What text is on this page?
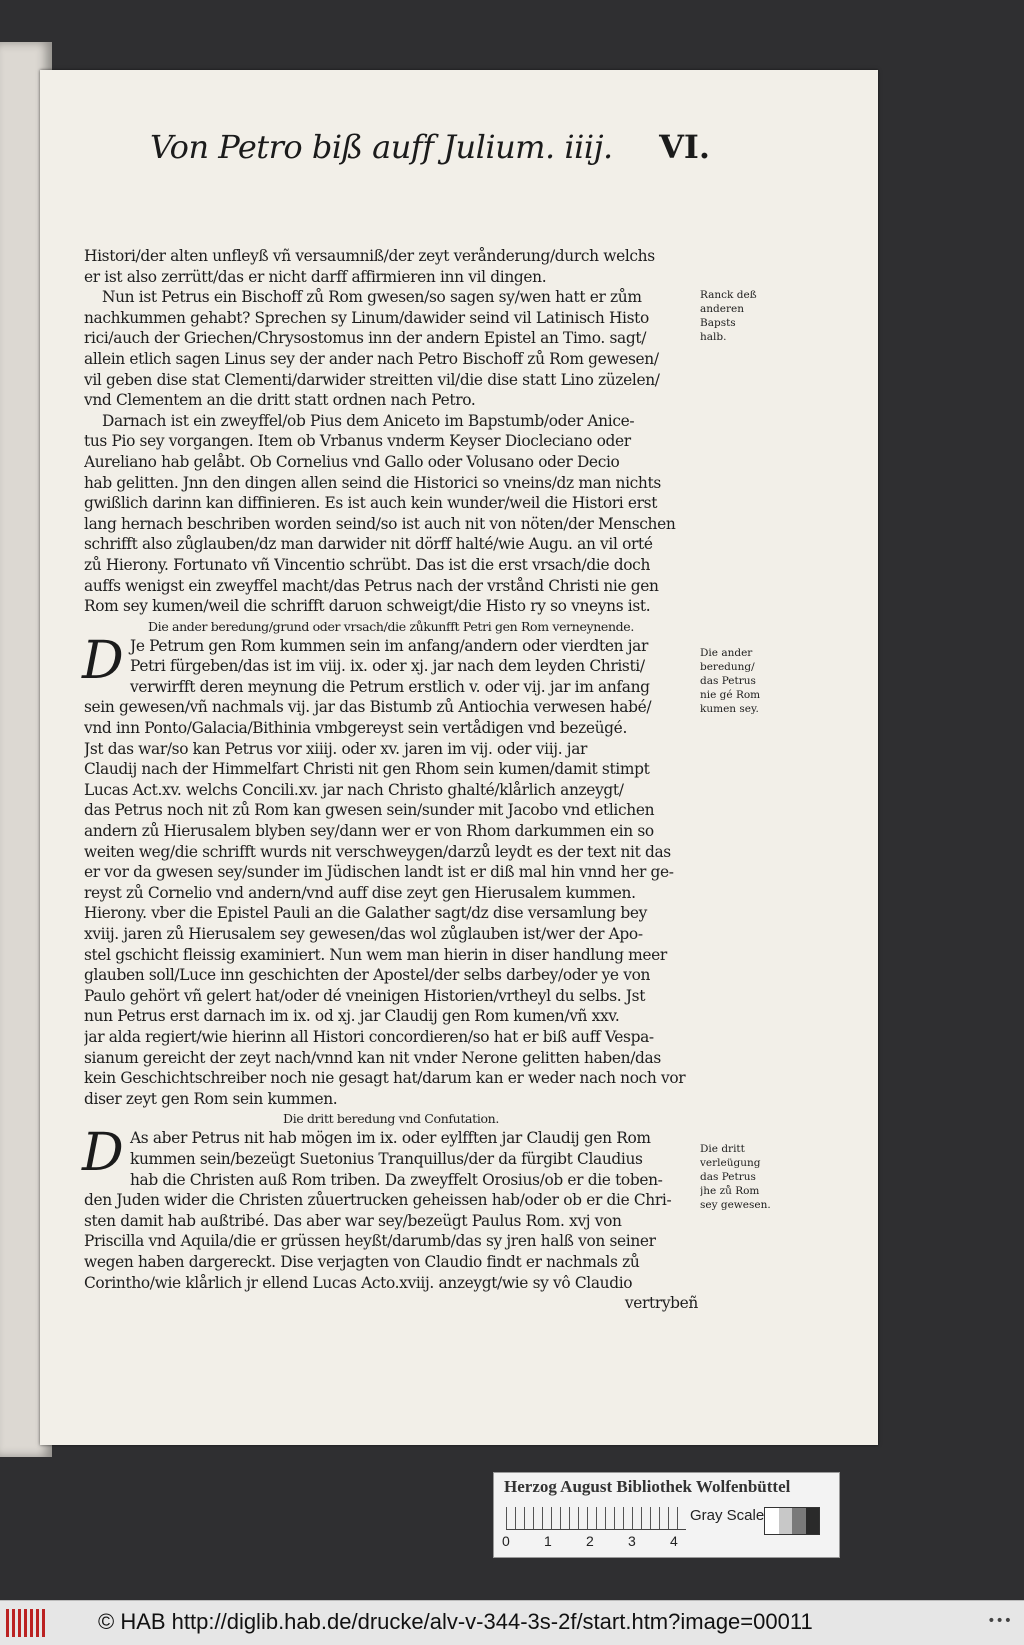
Von Petro biß auff Julium. iiij. VI.
Histori/der alten unfleyß vñ versaumniß/der zeyt verånderung/durch welchs
er ist also zerrütt/das er nicht darff affirmieren inn vil dingen.
Nun ist Petrus ein Bischoff zů Rom gwesen/so sagen sy/wen hatt er zům
nachkummen gehabt? Sprechen sy Linum/dawider seind vil Latinisch Histo
rici/auch der Griechen/Chrysostomus inn der andern Epistel an Timo. sagt/
allein etlich sagen Linus sey der ander nach Petro Bischoff zů Rom gewesen/
vil geben dise stat Clementi/darwider streitten vil/die dise statt Lino züzelen/
vnd Clementem an die dritt statt ordnen nach Petro.
Darnach ist ein zweyffel/ob Pius dem Aniceto im Bapstumb/oder Anice-
tus Pio sey vorgangen. Item ob Vrbanus vnderm Keyser Diocleciano oder
Aureliano hab gelåbt. Ob Cornelius vnd Gallo oder Volusano oder Decio
hab gelitten. Jnn den dingen allen seind die Historici so vneins/dz man nichts
gwißlich darinn kan diffinieren. Es ist auch kein wunder/weil die Histori erst
lang hernach beschriben worden seind/so ist auch nit von nöten/der Menschen
schrifft also zůglauben/dz man darwider nit dörff halté/wie Augu. an vil orté
zů Hierony. Fortunato vñ Vincentio schrübt. Das ist die erst vrsach/die doch
auffs wenigst ein zweyffel macht/das Petrus nach der vrstånd Christi nie gen
Rom sey kumen/weil die schrifft daruon schweigt/die Histo ry so vneyns ist.
Die ander beredung/grund oder vrsach/die zůkunfft Petri gen Rom verneynende.
D Je Petrum gen Rom kummen sein im anfang/andern oder vierdten jar
Petri fürgeben/das ist im viij. ix. oder xj. jar nach dem leyden Christi/
verwirfft deren meynung die Petrum erstlich v. oder vij. jar im anfang
sein gewesen/vñ nachmals vij. jar das Bistumb zů Antiochia verwesen habé/
vnd inn Ponto/Galacia/Bithinia vmbgereyst sein vertådigen vnd bezeügé.
Jst das war/so kan Petrus vor xiiij. oder xv. jaren im vij. oder viij. jar
Claudij nach der Himmelfart Christi nit gen Rhom sein kumen/damit stimpt
Lucas Act.xv. welchs Concili.xv. jar nach Christo ghalté/klårlich anzeygt/
das Petrus noch nit zů Rom kan gwesen sein/sunder mit Jacobo vnd etlichen
andern zů Hierusalem blyben sey/dann wer er von Rhom darkummen ein so
weiten weg/die schrifft wurds nit verschweygen/darzů leydt es der text nit das
er vor da gwesen sey/sunder im Jüdischen landt ist er diß mal hin vnnd her ge-
reyst zů Cornelio vnd andern/vnd auff dise zeyt gen Hierusalem kummen.
Hierony. vber die Epistel Pauli an die Galather sagt/dz dise versamlung bey
xviij. jaren zů Hierusalem sey gewesen/das wol zůglauben ist/wer der Apo-
stel gschicht fleissig examiniert. Nun wem man hierin in diser handlung meer
glauben soll/Luce inn geschichten der Apostel/der selbs darbey/oder ye von
Paulo gehört vñ gelert hat/oder dé vneinigen Historien/vrtheyl du selbs. Jst
nun Petrus erst darnach im ix. od xj. jar Claudij gen Rom kumen/vñ xxv.
jar alda regiert/wie hierinn all Histori concordieren/so hat er biß auff Vespa-
sianum gereicht der zeyt nach/vnnd kan nit vnder Nerone gelitten haben/das
kein Geschichtschreiber noch nie gesagt hat/darum kan er weder nach noch vor
diser zeyt gen Rom sein kummen.
Die dritt beredung vnd Confutation.
D As aber Petrus nit hab mögen im ix. oder eylfften jar Claudij gen Rom
kummen sein/bezeügt Suetonius Tranquillus/der da fürgibt Claudius
hab die Christen auß Rom triben. Da zweyffelt Orosius/ob er die toben-
den Juden wider die Christen zůuertrucken geheissen hab/oder ob er die Chri-
sten damit hab außtribé. Das aber war sey/bezeügt Paulus Rom. xvj von
Priscilla vnd Aquila/die er grüssen heyßt/darumb/das sy jren halß von seiner
wegen haben dargereckt. Dise verjagten von Claudio findt er nachmals zů
Corintho/wie klårlich jr ellend Lucas Acto.xviij. anzeygt/wie sy vô Claudio
vertrybeñ
Ranck deß
anderen
Bapsts
halb.
Die ander
beredung/
das Petrus
nie gé Rom
kumen sey.
Die dritt
verleügung
das Petrus
jhe zů Rom
sey gewesen.
Herzog August Bibliothek Wolfenbüttel
0 1 2 3 4
Gray Scale
© HAB http://diglib.hab.de/drucke/alv-v-344-3s-2f/start.htm?image=00011	•••
